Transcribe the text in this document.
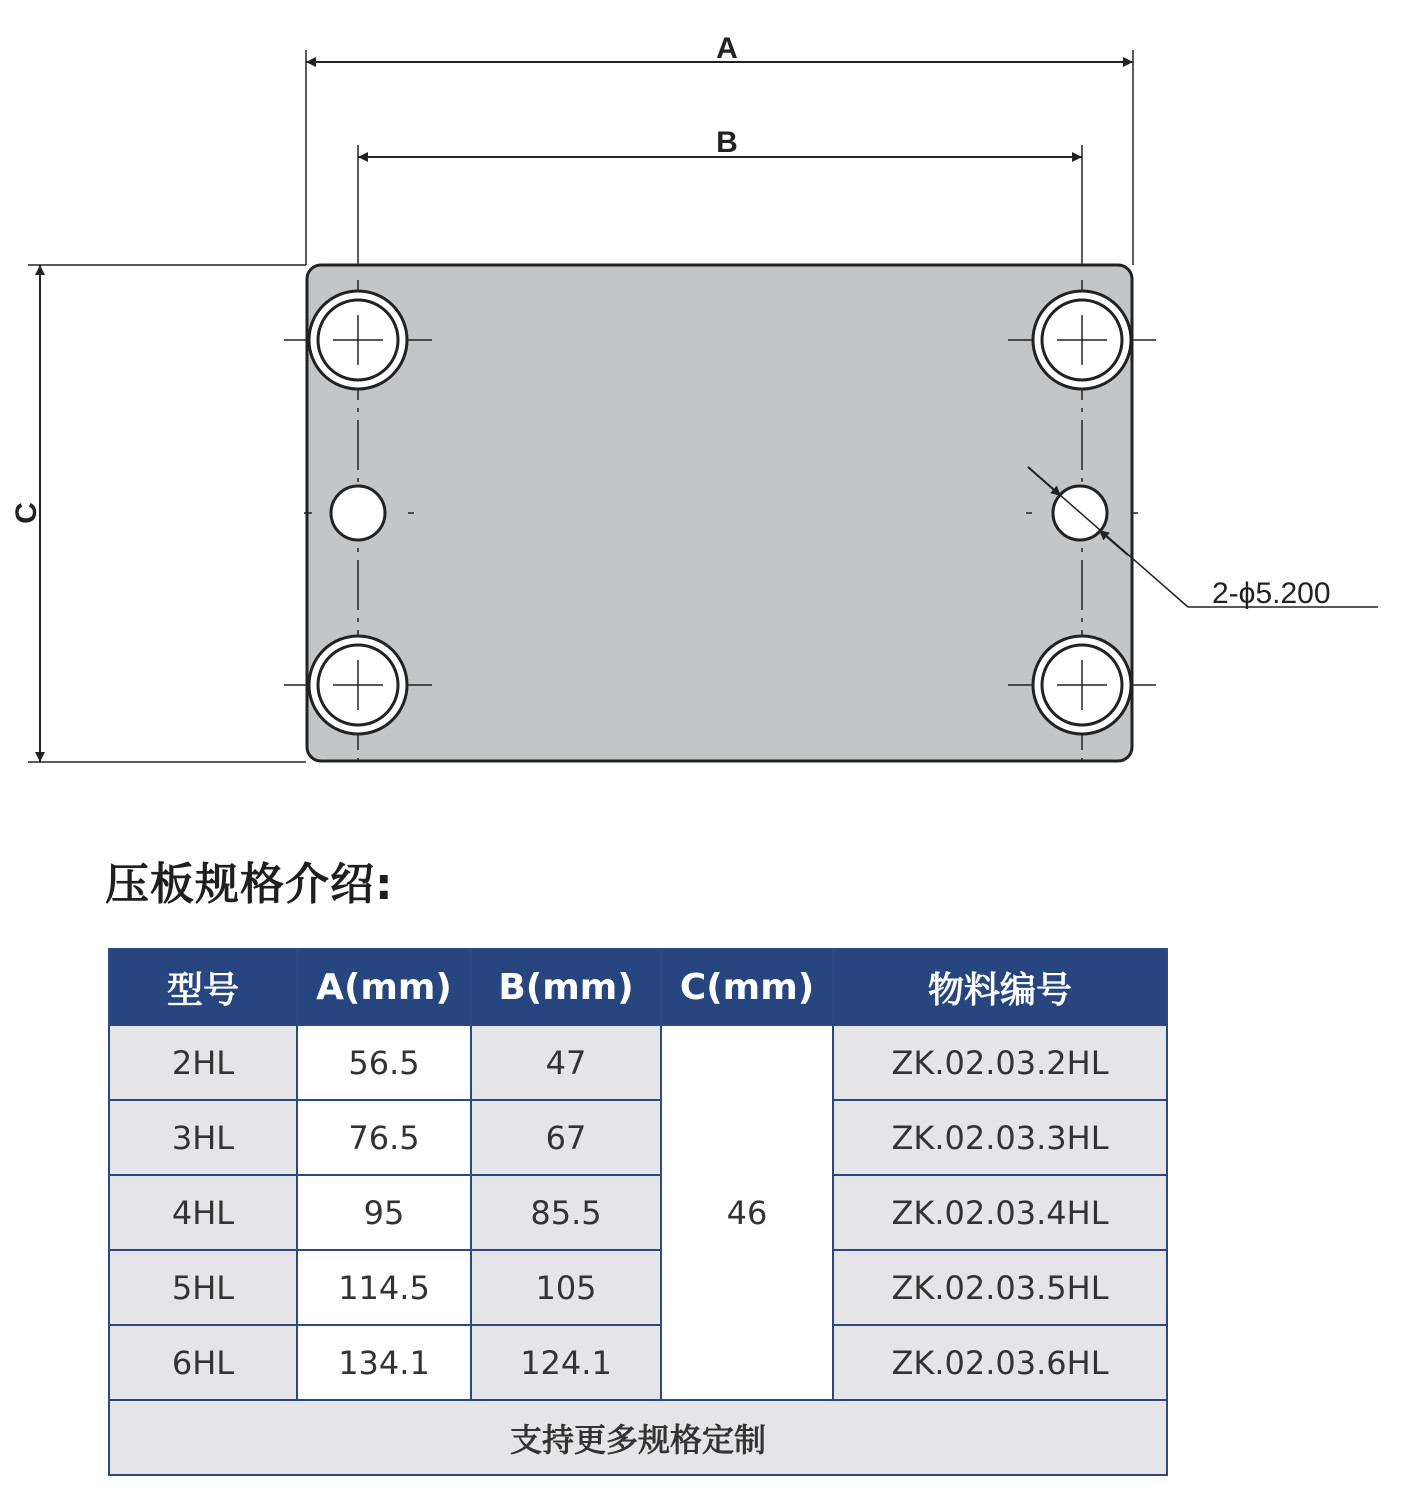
A
B
C
2-ϕ5.200
压板规格介绍:
型号	A(mm)	B(mm)	C(mm)	物料编号
2HL	56.5	47	46	ZK.02.03.2HL
3HL	76.5	67		ZK.02.03.3HL
4HL	95	85.5		ZK.02.03.4HL
5HL	114.5	105		ZK.02.03.5HL
6HL	134.1	124.1		ZK.02.03.6HL
支持更多规格定制				
